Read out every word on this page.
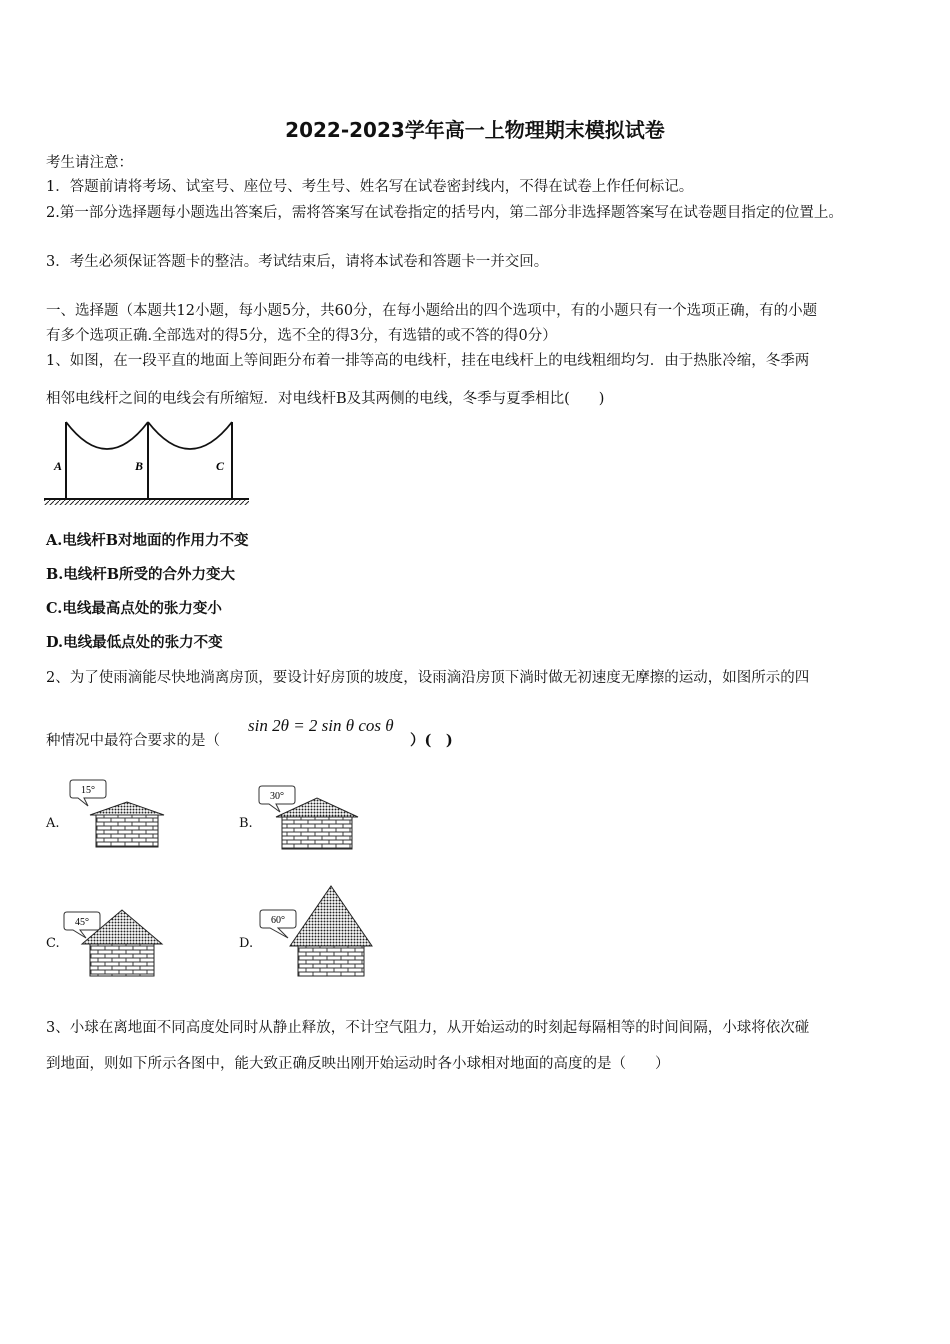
2022-2023学年高一上物理期末模拟试卷
考生请注意：
1．答题前请将考场、试室号、座位号、考生号、姓名写在试卷密封线内，不得在试卷上作任何标记。
2.第一部分选择题每小题选出答案后，需将答案写在试卷指定的括号内，第二部分非选择题答案写在试卷题目指定的位置上。
3．考生必须保证答题卡的整洁。考试结束后，请将本试卷和答题卡一并交回。
一、选择题（本题共12小题，每小题5分，共60分，在每小题给出的四个选项中，有的小题只有一个选项正确，有的小题
有多个选项正确.全部选对的得5分，选不全的得3分，有选错的或不答的得0分）
1、如图，在一段平直的地面上等间距分布着一排等高的电线杆，挂在电线杆上的电线粗细均匀．由于热胀冷缩，冬季两
相邻电线杆之间的电线会有所缩短．对电线杆B及其两侧的电线，冬季与夏季相比(　　)
A	B	C
A.电线杆B对地面的作用力不变
B.电线杆B所受的合外力变大
C.电线最高点处的张力变小
D.电线最低点处的张力不变
2、为了使雨滴能尽快地淌离房顶，要设计好房顶的坡度，设雨滴沿房顶下淌时做无初速度无摩擦的运动，如图所示的四
种情况中最符合要求的是（
sin 2θ = 2 sin θ cos θ
）(　)
A.
15°
B.
30°
C.
45°
D.
60°
3、小球在离地面不同高度处同时从静止释放，不计空气阻力，从开始运动的时刻起每隔相等的时间间隔，小球将依次碰
到地面，则如下所示各图中，能大致正确反映出刚开始运动时各小球相对地面的高度的是（　　）
